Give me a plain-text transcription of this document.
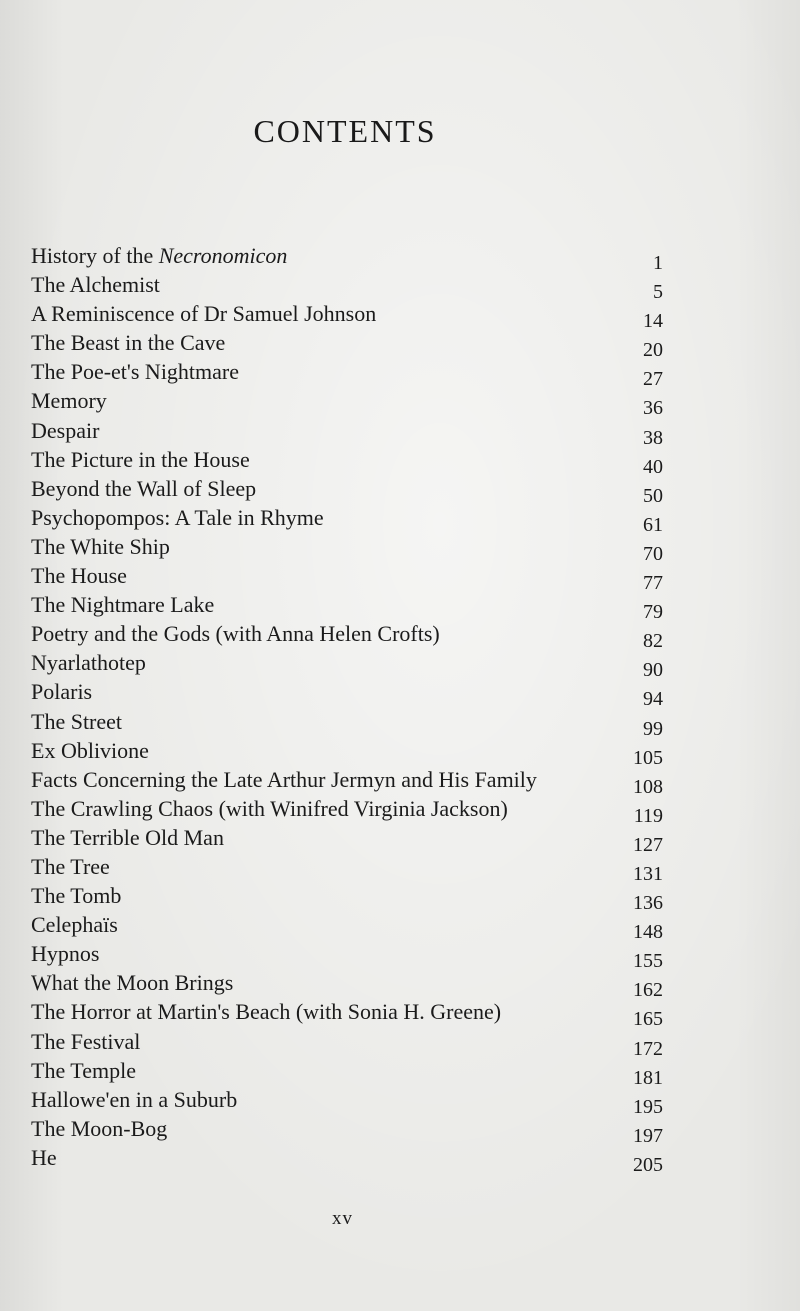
CONTENTS
History of the Necronomicon	1
The Alchemist	5
A Reminiscence of Dr Samuel Johnson	14
The Beast in the Cave	20
The Poe-et's Nightmare	27
Memory	36
Despair	38
The Picture in the House	40
Beyond the Wall of Sleep	50
Psychopompos: A Tale in Rhyme	61
The White Ship	70
The House	77
The Nightmare Lake	79
Poetry and the Gods (with Anna Helen Crofts)	82
Nyarlathotep	90
Polaris	94
The Street	99
Ex Oblivione	105
Facts Concerning the Late Arthur Jermyn and His Family	108
The Crawling Chaos (with Winifred Virginia Jackson)	119
The Terrible Old Man	127
The Tree	131
The Tomb	136
Celephaïs	148
Hypnos	155
What the Moon Brings	162
The Horror at Martin's Beach (with Sonia H. Greene)	165
The Festival	172
The Temple	181
Hallowe'en in a Suburb	195
The Moon-Bog	197
He	205
xv
